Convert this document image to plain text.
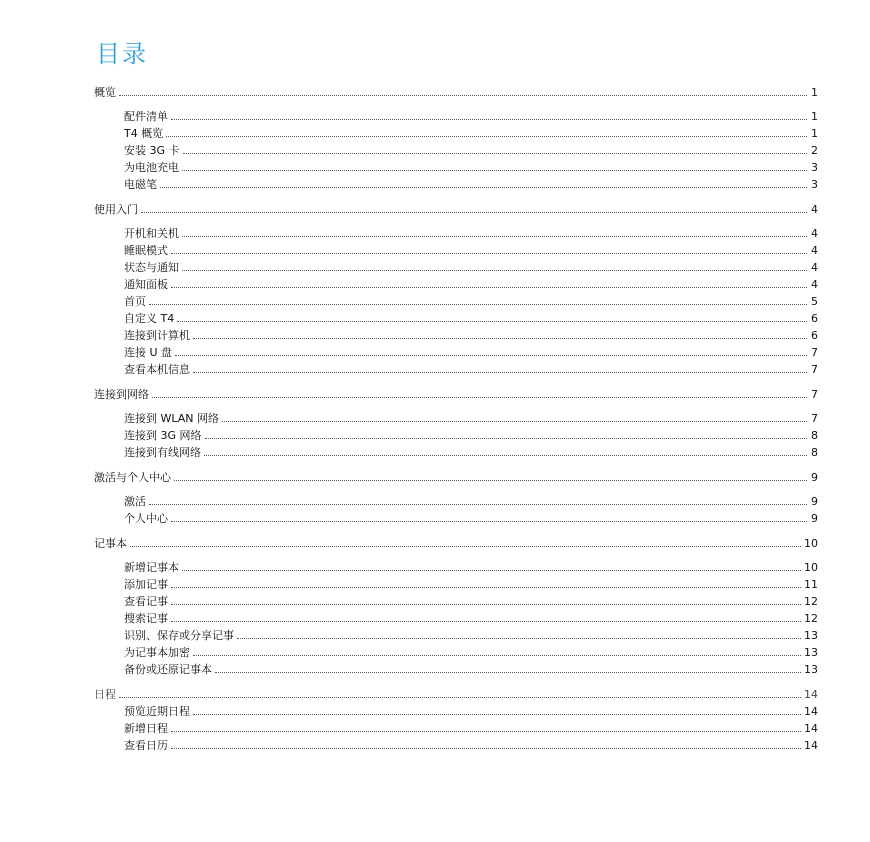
目录
概览	1
配件清单	1
T4 概览	1
安装 3G 卡	2
为电池充电	3
电磁笔	3
使用入门	4
开机和关机	4
睡眠模式	4
状态与通知	4
通知面板	4
首页	5
自定义 T4	6
连接到计算机	6
连接 U 盘	7
查看本机信息	7
连接到网络	7
连接到 WLAN 网络	7
连接到 3G 网络	8
连接到有线网络	8
激活与个人中心	9
激活	9
个人中心	9
记事本	10
新增记事本	10
添加记事	11
查看记事	12
搜索记事	12
识别、保存或分享记事	13
为记事本加密	13
备份或还原记事本	13
日程	14
预览近期日程	14
新增日程	14
查看日历	14
